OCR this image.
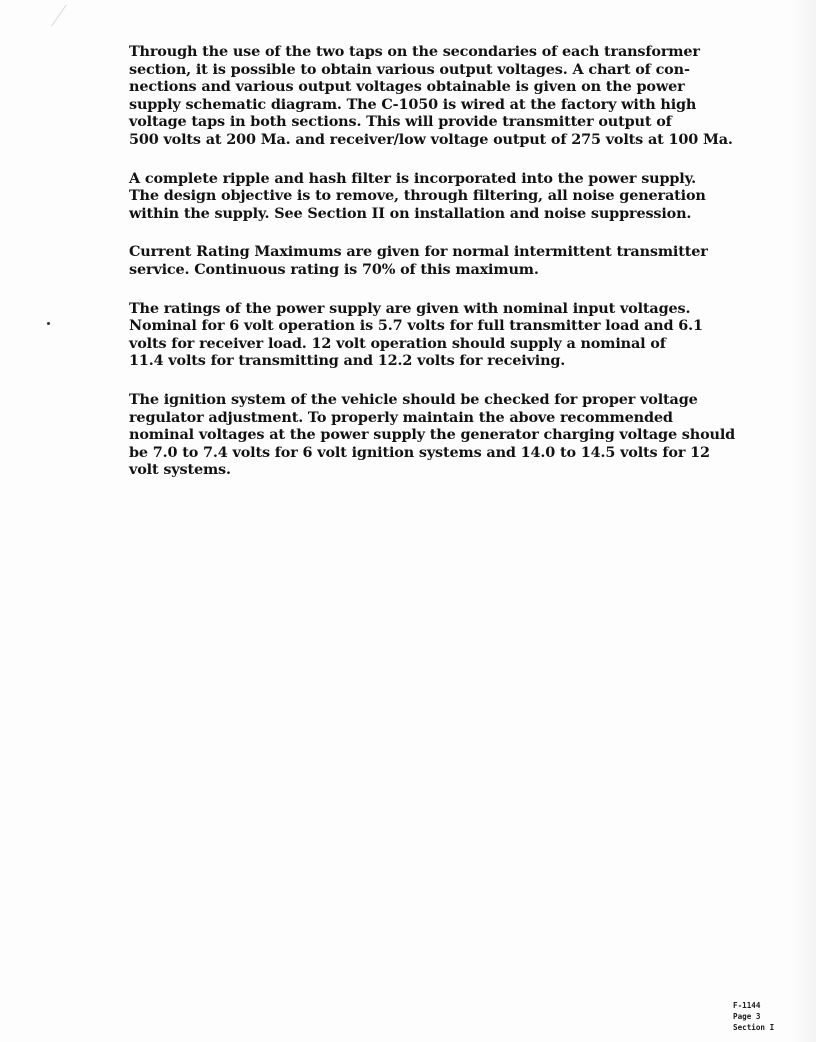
Through the use of the two taps on the secondaries of each transformer
section, it is possible to obtain various output voltages. A chart of con-
nections and various output voltages obtainable is given on the power
supply schematic diagram. The C-1050 is wired at the factory with high
voltage taps in both sections. This will provide transmitter output of
500 volts at 200 Ma. and receiver/low voltage output of 275 volts at 100 Ma.

A complete ripple and hash filter is incorporated into the power supply.
The design objective is to remove, through filtering, all noise generation
within the supply. See Section II on installation and noise suppression.

Current Rating Maximums are given for normal intermittent transmitter
service. Continuous rating is 70% of this maximum.

The ratings of the power supply are given with nominal input voltages.
Nominal for 6 volt operation is 5.7 volts for full transmitter load and 6.1
volts for receiver load. 12 volt operation should supply a nominal of
11.4 volts for transmitting and 12.2 volts for receiving.

The ignition system of the vehicle should be checked for proper voltage
regulator adjustment. To properly maintain the above recommended
nominal voltages at the power supply the generator charging voltage should
be 7.0 to 7.4 volts for 6 volt ignition systems and 14.0 to 14.5 volts for 12
volt systems.

F-1144
Page 3
Section I
